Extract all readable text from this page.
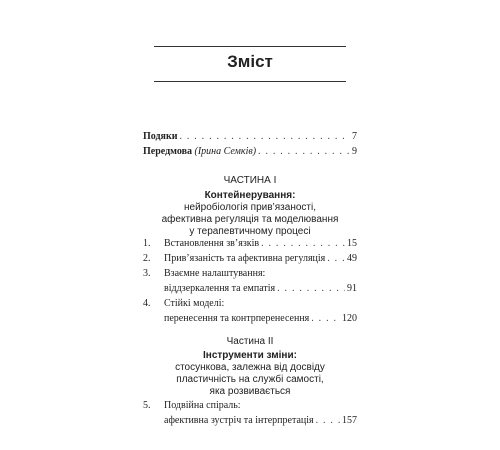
Зміст
Подяки . . .	7
Передмова (Ірина Семків) . . .	9
ЧАСТИНА I
Контейнерування:
нейробіологія прив’язаності,
афективна регуляція та моделювання
у терапевтичному процесі
1. Встановлення зв’язків . . .	15
2. Прив’язаність та афективна регуляція . . . 49
3. Взаємне налаштування:
віддзеркалення та емпатія . . .	91
4. Стійкі моделі:
перенесення та контрперенесення . . .	120
Частина II
Інструменти зміни:
стосункова, залежна від досвіду
пластичність на службі самості,
яка розвивається
5. Подвійна спіраль:
афективна зустріч та інтерпретація . . .	157
